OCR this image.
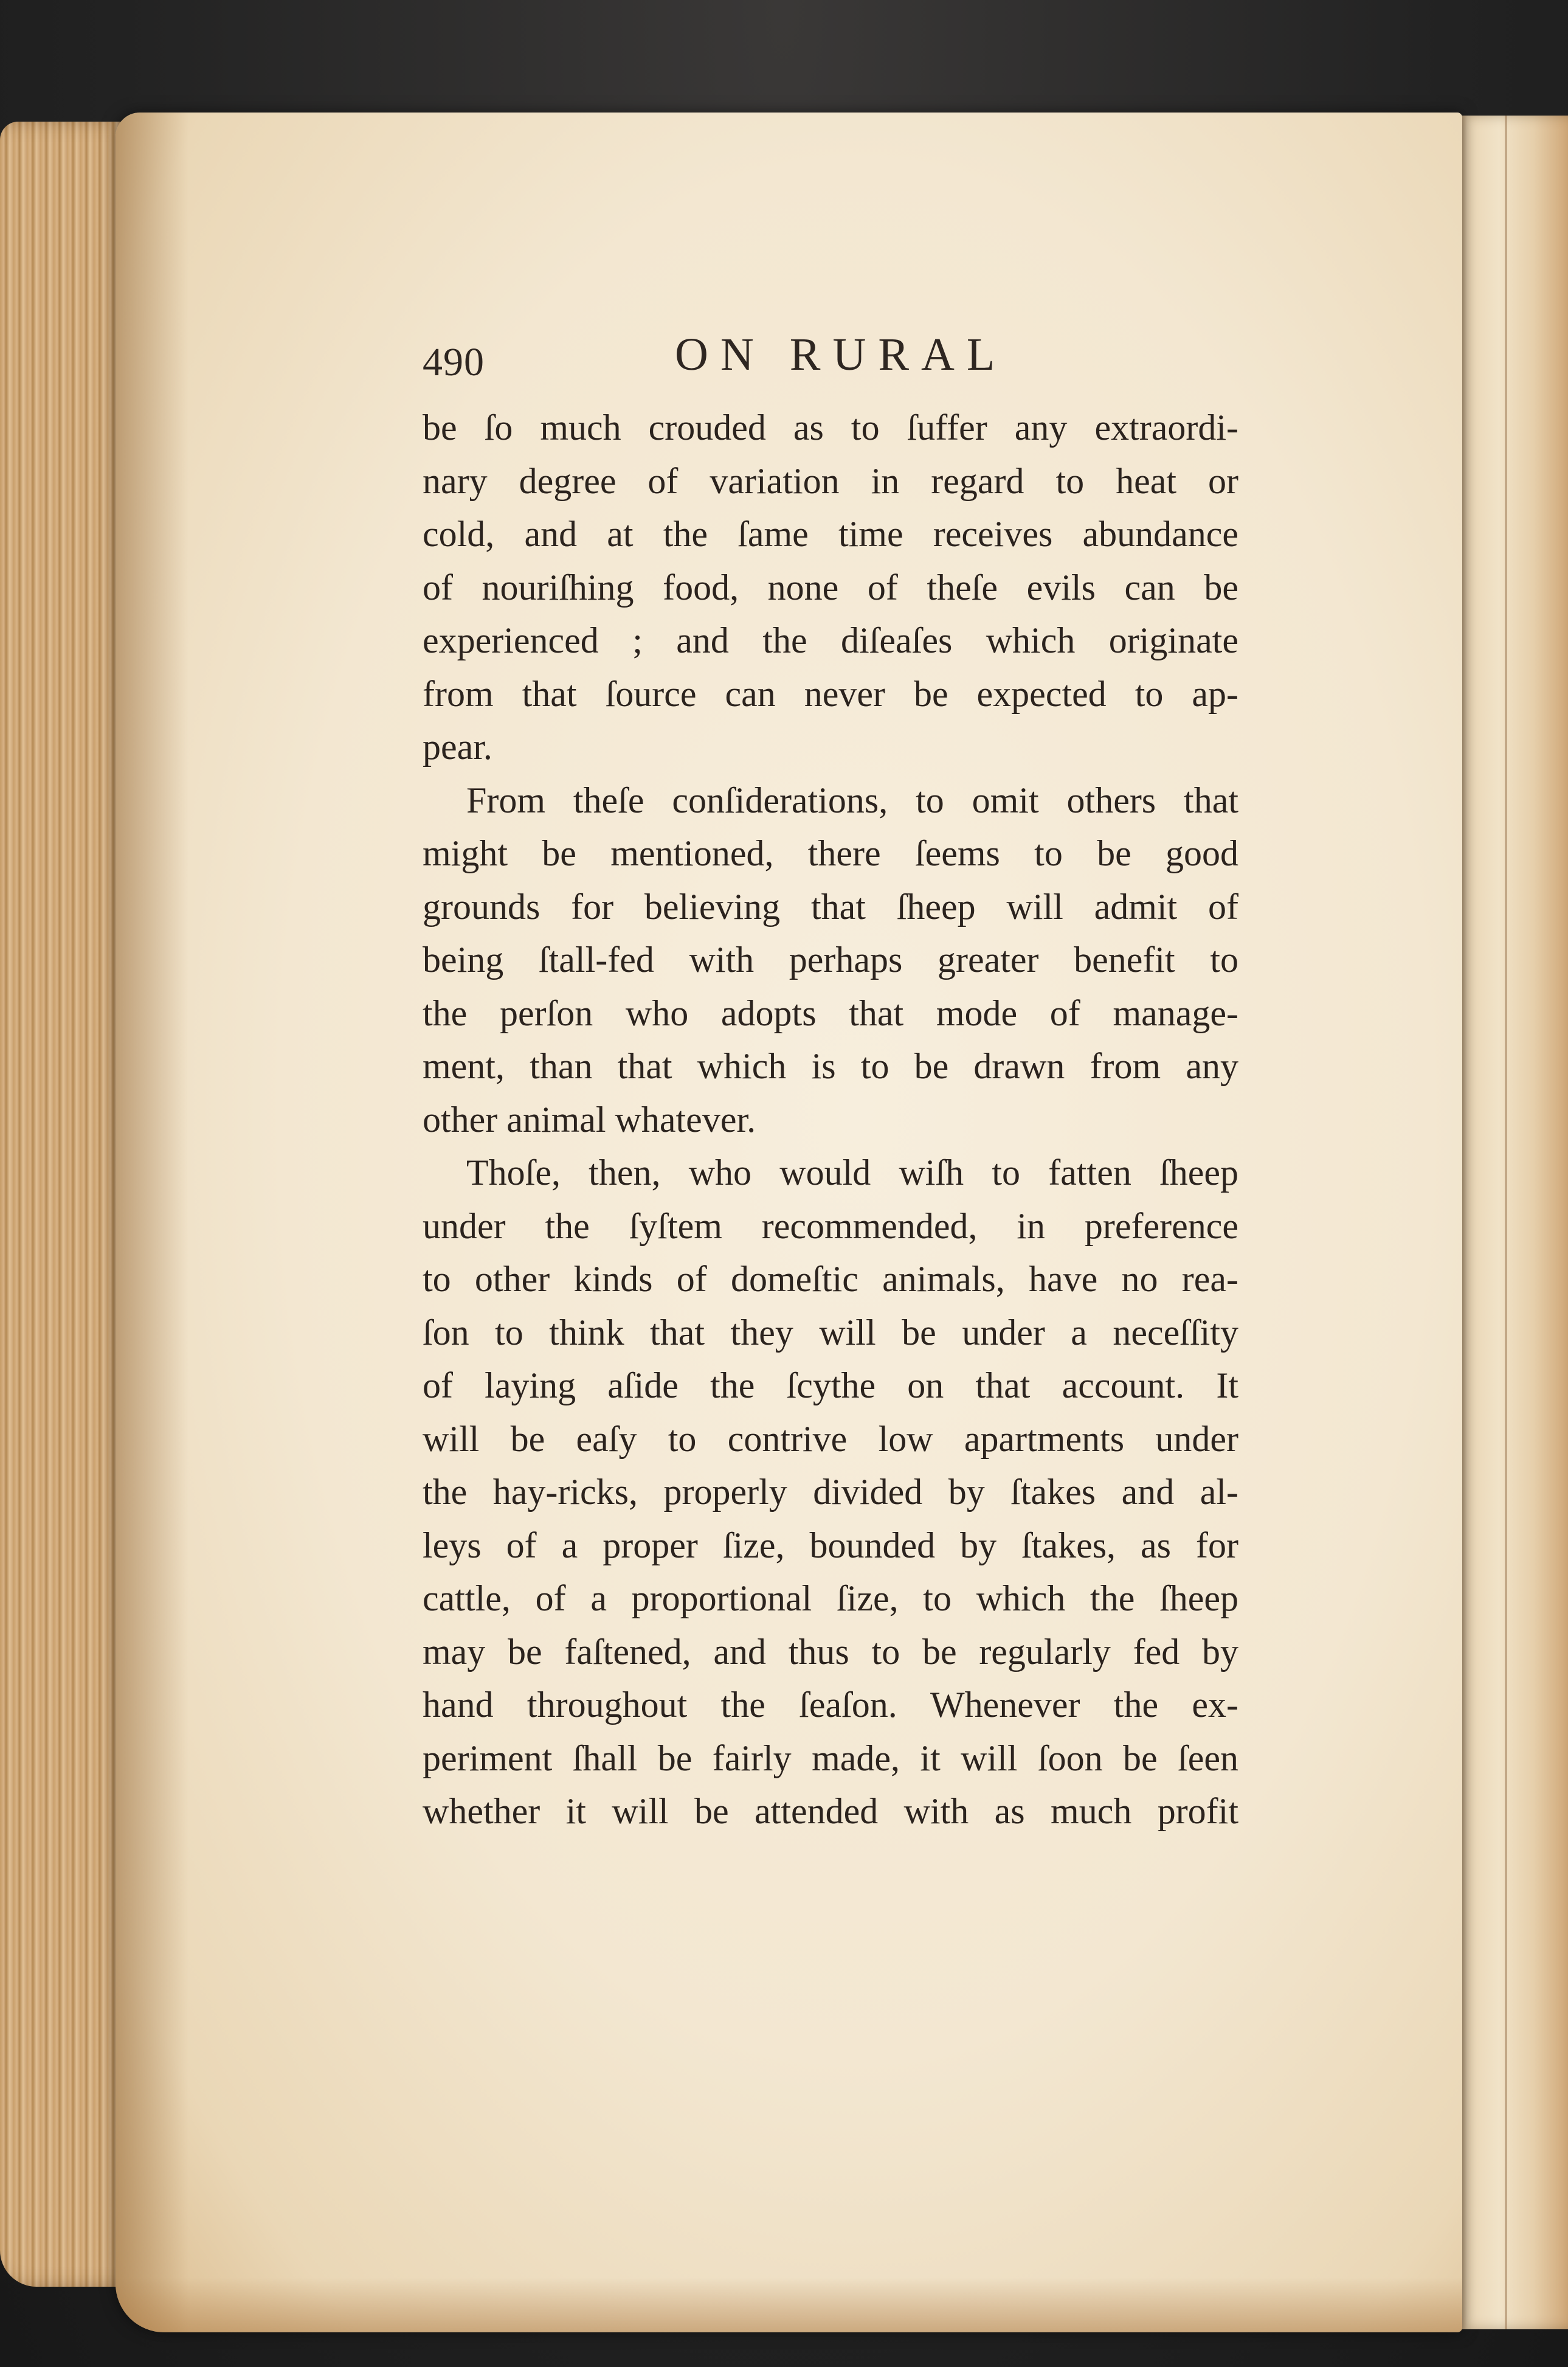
490	ON RURAL
be ſo much crouded as to ſuffer any extraordi-
nary degree of variation in regard to heat or
cold, and at the ſame time receives abundance
of nouriſhing food, none of theſe evils can be
experienced ; and the diſeaſes which originate
from that ſource can never be expected to ap-
pear.
From theſe conſiderations, to omit others that
might be mentioned, there ſeems to be good
grounds for believing that ſheep will admit of
being ſtall-fed with perhaps greater benefit to
the perſon who adopts that mode of manage-
ment, than that which is to be drawn from any
other animal whatever.
Thoſe, then, who would wiſh to fatten ſheep
under the ſyſtem recommended, in preference
to other kinds of domeſtic animals, have no rea-
ſon to think that they will be under a neceſſity
of laying aſide the ſcythe on that account. It
will be eaſy to contrive low apartments under
the hay-ricks, properly divided by ſtakes and al-
leys of a proper ſize, bounded by ſtakes, as for
cattle, of a proportional ſize, to which the ſheep
may be faſtened, and thus to be regularly fed by
hand throughout the ſeaſon. Whenever the ex-
periment ſhall be fairly made, it will ſoon be ſeen
whether it will be attended with as much profit
